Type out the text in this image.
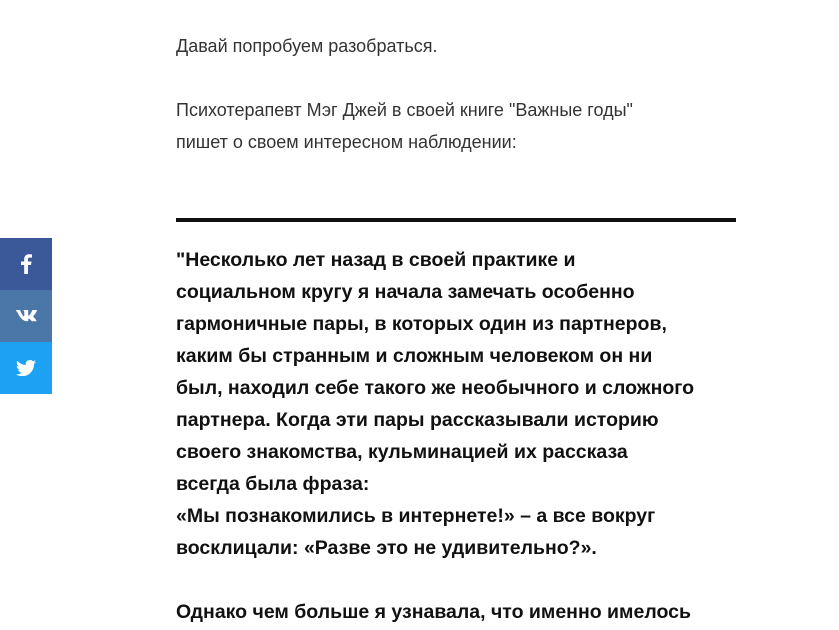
Давай попробуем разобраться.

Психотерапевт Мэг Джей в своей книге "Важные годы"
пишет о своем интересном наблюдении:

"Несколько лет назад в своей практике и
социальном кругу я начала замечать особенно
гармоничные пары, в которых один из партнеров,
каким бы странным и сложным человеком он ни
был, находил себе такого же необычного и сложного
партнера. Когда эти пары рассказывали историю
своего знакомства, кульминацией их рассказа
всегда была фраза:
«Мы познакомились в интернете!» – а все вокруг
восклицали: «Разве это не удивительно?».

Однако чем больше я узнавала, что именно имелось
